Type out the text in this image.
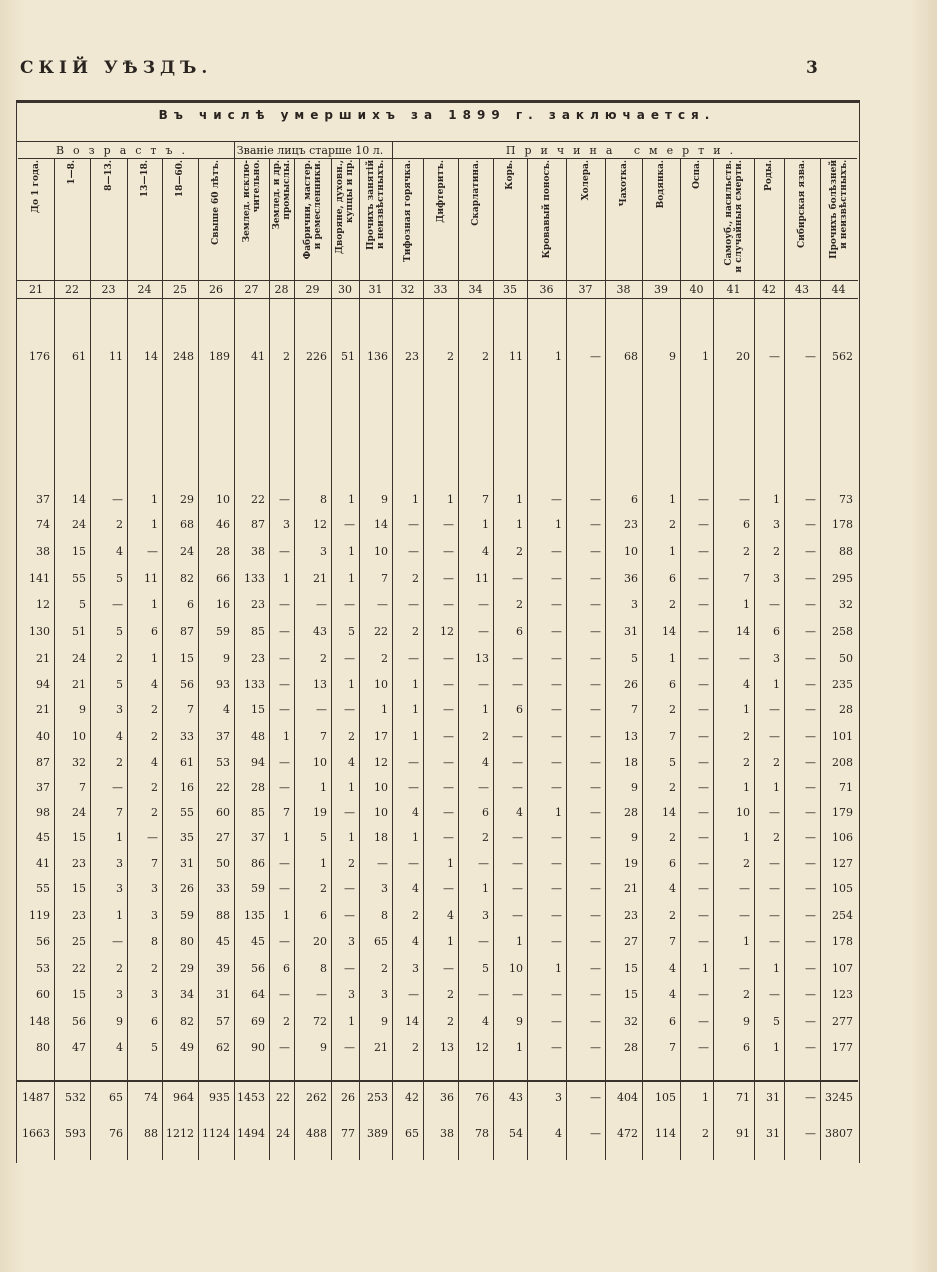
СКІЙ УѢЗДЪ.	3
Въ числѣ умершихъ за 1899 г. заключается.
Возрастъ.	Званіе лицъ старше 10 л.	Причина смерти.
До 1 года.
21
1—8.
22
8—13.
23
13—18.
24
18—60.
25
Свыше 60 лѣтъ.
26
Землед. исклю-
чительно.
27
Землед. и др.
промыслы.
28
Фабрични, мастер.
и ремесленники.
29
Дворяне, духовн.,
купцы и пр.
30
Прочихъ занятій
и неизвѣстныхъ.
31
Тифозная горячка.
32
Дифтеритъ.
33
Скарлатина.
34
Корь.
35
Кровавый поносъ.
36
Холера.
37
Чахотка.
38
Водянка.
39
Оспа.
40
Самоуб., насильств.
и случайныя смерти.
41
Роды.
42
Сибирская язва.
43
Прочихъ болѣзней
и неизвѣстныхъ.
44
176	61	11	14	248	189	41	2	226	51	136	23	2	2	11	1	—	68	9	1	20	—	—	562
37	14	—	1	29	10	22	—	8	1	9	1	1	7	1	—	—	6	1	—	—	1	—	73
74	24	2	1	68	46	87	3	12	—	14	—	—	1	1	1	—	23	2	—	6	3	—	178
38	15	4	—	24	28	38	—	3	1	10	—	—	4	2	—	—	10	1	—	2	2	—	88
141	55	5	11	82	66	133	1	21	1	7	2	—	11	—	—	—	36	6	—	7	3	—	295
12	5	—	1	6	16	23	—	—	—	—	—	—	—	2	—	—	3	2	—	1	—	—	32
130	51	5	6	87	59	85	—	43	5	22	2	12	—	6	—	—	31	14	—	14	6	—	258
21	24	2	1	15	9	23	—	2	—	2	—	—	13	—	—	—	5	1	—	—	3	—	50
94	21	5	4	56	93	133	—	13	1	10	1	—	—	—	—	—	26	6	—	4	1	—	235
21	9	3	2	7	4	15	—	—	—	1	1	—	1	6	—	—	7	2	—	1	—	—	28
40	10	4	2	33	37	48	1	7	2	17	1	—	2	—	—	—	13	7	—	2	—	—	101
87	32	2	4	61	53	94	—	10	4	12	—	—	4	—	—	—	18	5	—	2	2	—	208
37	7	—	2	16	22	28	—	1	1	10	—	—	—	—	—	—	9	2	—	1	1	—	71
98	24	7	2	55	60	85	7	19	—	10	4	—	6	4	1	—	28	14	—	10	—	—	179
45	15	1	—	35	27	37	1	5	1	18	1	—	2	—	—	—	9	2	—	1	2	—	106
41	23	3	7	31	50	86	—	1	2	—	—	1	—	—	—	—	19	6	—	2	—	—	127
55	15	3	3	26	33	59	—	2	—	3	4	—	1	—	—	—	21	4	—	—	—	—	105
119	23	1	3	59	88	135	1	6	—	8	2	4	3	—	—	—	23	2	—	—	—	—	254
56	25	—	8	80	45	45	—	20	3	65	4	1	—	1	—	—	27	7	—	1	—	—	178
53	22	2	2	29	39	56	6	8	—	2	3	—	5	10	1	—	15	4	1	—	1	—	107
60	15	3	3	34	31	64	—	—	3	3	—	2	—	—	—	—	15	4	—	2	—	—	123
148	56	9	6	82	57	69	2	72	1	9	14	2	4	9	—	—	32	6	—	9	5	—	277
80	47	4	5	49	62	90	—	9	—	21	2	13	12	1	—	—	28	7	—	6	1	—	177
1487	532	65	74	964	935 1453	22	262	26	253	42	36	76	43	3	—	404	105	1	71	31	— 3245
1663	593	76	88 1212 1124 1494	24	488	77	389	65	38	78	54	4	—	472	114	2	91	31	— 3807
